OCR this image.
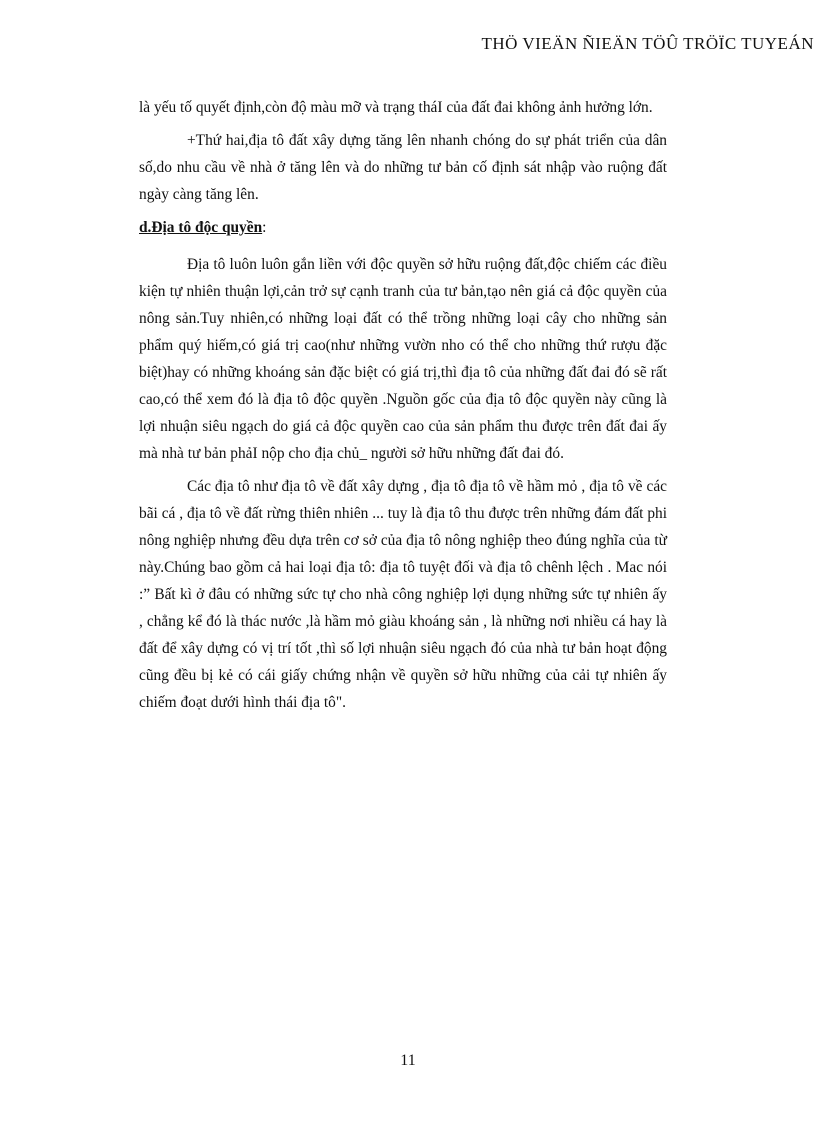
THÖ VIEÄN ÑIEÄN TÖÛ TRÖÏC TUYEÁN

là yếu tố quyết định,còn độ màu mỡ và trạng tháI của đất đai không ảnh hưởng lớn.

+Thứ hai,địa tô đất xây dựng tăng lên nhanh chóng do sự phát triển của dân số,do nhu cầu về nhà ở tăng lên và do những tư bản cố định sát nhập vào ruộng đất ngày càng tăng lên.

d.Địa tô độc quyền:

Địa tô luôn luôn gắn liền với độc quyền sở hữu ruộng đất,độc chiếm các điều kiện tự nhiên thuận lợi,cản trở sự cạnh tranh của tư bản,tạo nên giá cả độc quyền của nông sản.Tuy nhiên,có những loại đất có thể trồng những loại cây cho những sản phẩm quý hiếm,có giá trị cao(như những vườn nho có thể cho những thứ rượu đặc biệt)hay có những khoáng sản đặc biệt có giá trị,thì địa tô của những đất đai đó sẽ rất cao,có thể xem đó là địa tô độc quyền .Nguồn gốc của địa tô độc quyền này cũng là lợi nhuận siêu ngạch do giá cả độc quyền cao của sản phẩm thu được trên đất đai ấy mà nhà tư bản phảI nộp cho địa chủ_ người sở hữu những đất đai đó.

Các địa tô như địa tô về đất xây dựng , địa tô địa tô về hầm mỏ , địa tô về các bãi cá , địa tô về đất rừng thiên nhiên ... tuy là địa tô thu được trên những đám đất phi nông nghiệp nhưng đều dựa trên cơ sở của địa tô nông nghiệp theo đúng nghĩa của từ này.Chúng bao gồm cả hai loại địa tô: địa tô tuyệt đối và địa tô chênh lệch . Mac nói :” Bất kì ở đâu có những sức tự cho nhà công nghiệp lợi dụng những sức tự nhiên ấy , chẳng kể đó là thác nước ,là hầm mỏ giàu khoáng sản , là những nơi nhiều cá hay là đất để xây dựng có vị trí tốt ,thì số lợi nhuận siêu ngạch đó của nhà tư bản hoạt động cũng đều bị kẻ có cái giấy chứng nhận về quyền sở hữu những của cải tự nhiên ấy chiếm đoạt dưới hình thái địa tô".

11
